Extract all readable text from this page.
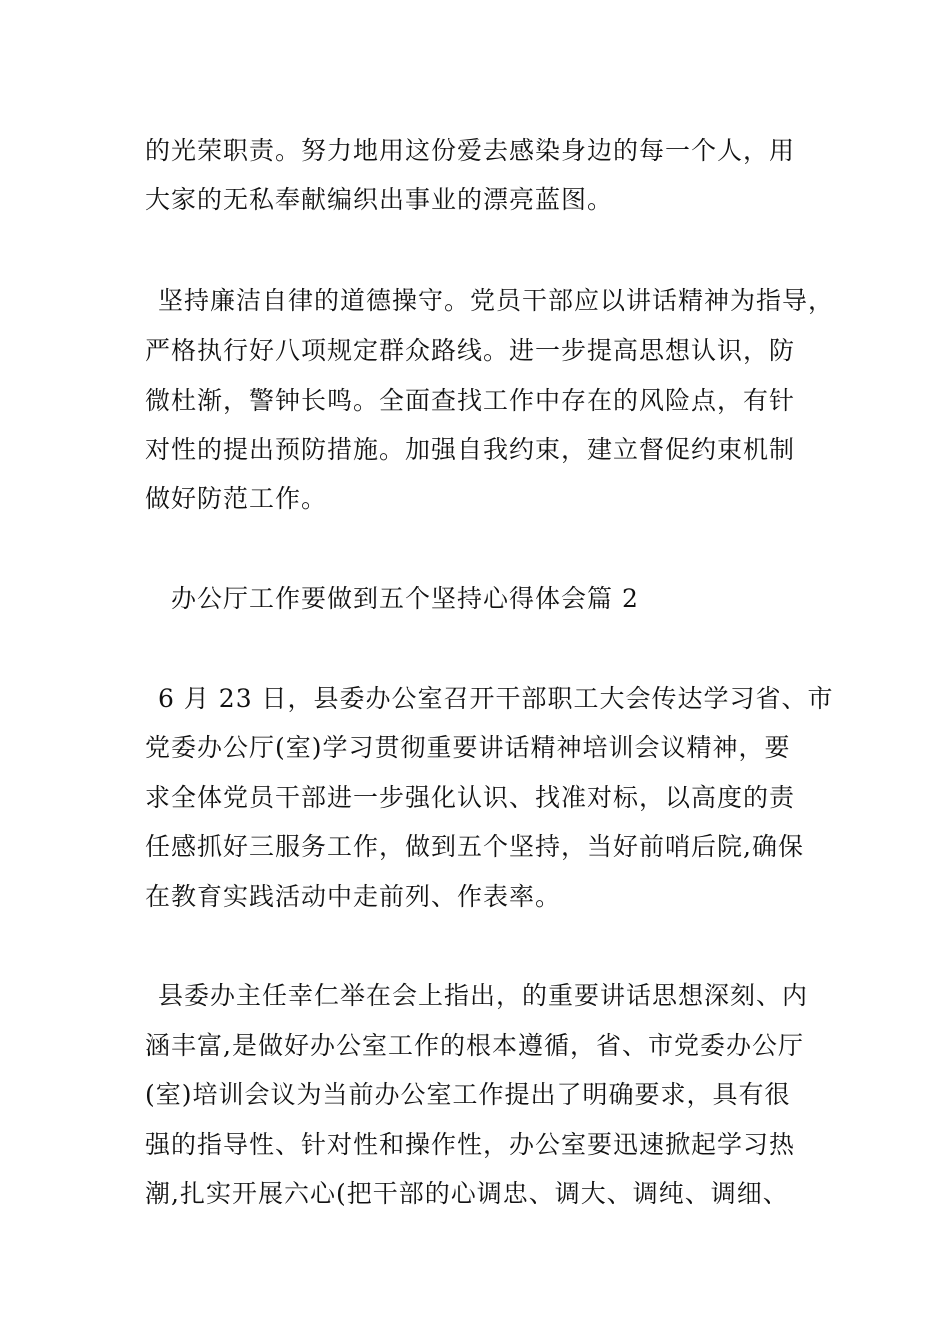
的光荣职责。努力地用这份爱去感染身边的每一个人，用
大家的无私奉献编织出事业的漂亮蓝图。
坚持廉洁自律的道德操守。党员干部应以讲话精神为指导，
严格执行好八项规定群众路线。进一步提高思想认识，防
微杜渐，警钟长鸣。全面查找工作中存在的风险点，有针
对性的提出预防措施。加强自我约束，建立督促约束机制
做好防范工作。
办公厅工作要做到五个坚持心得体会篇 2
6 月 23 日，县委办公室召开干部职工大会传达学习省、市
党委办公厅(室)学习贯彻重要讲话精神培训会议精神，要
求全体党员干部进一步强化认识、找准对标，以高度的责
任感抓好三服务工作，做到五个坚持，当好前哨后院,确保
在教育实践活动中走前列、作表率。
县委办主任幸仁举在会上指出，的重要讲话思想深刻、内
涵丰富,是做好办公室工作的根本遵循，省、市党委办公厅
(室)培训会议为当前办公室工作提出了明确要求，具有很
强的指导性、针对性和操作性，办公室要迅速掀起学习热
潮,扎实开展六心(把干部的心调忠、调大、调纯、调细、
